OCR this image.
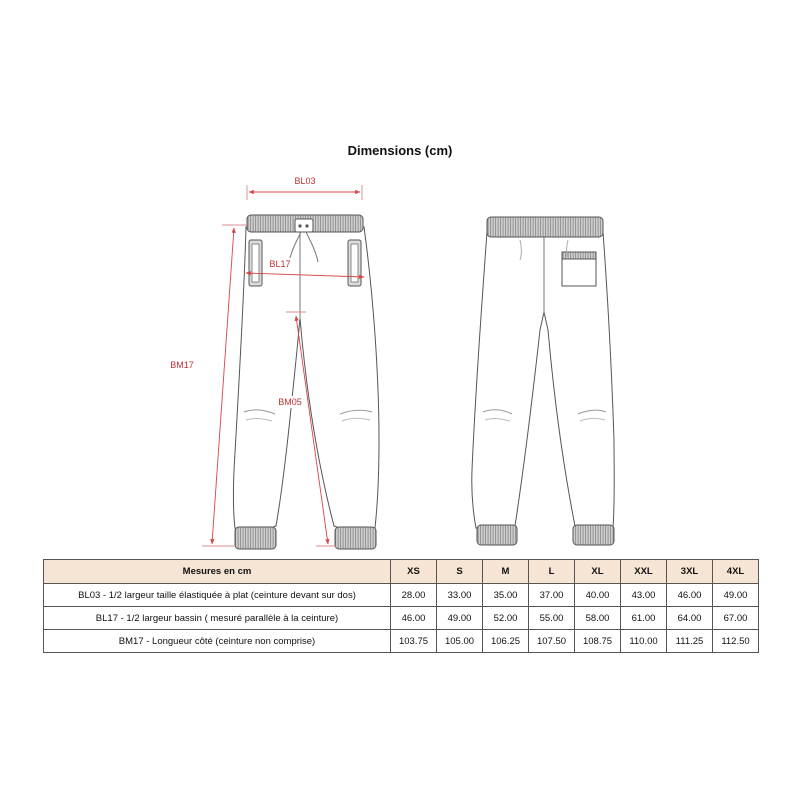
Dimensions (cm)
BL03
BL17
BM17
BM05
Mesures en cm	XS	S	M	L	XL	XXL	3XL	4XL
BL03 - 1/2 largeur taille élastiquée à plat (ceinture devant sur dos)	28.00	33.00	35.00	37.00	40.00	43.00	46.00	49.00
BL17 - 1/2 largeur bassin ( mesuré parallèle à la ceinture)	46.00	49.00	52.00	55.00	58.00	61.00	64.00	67.00
BM17 - Longueur côté (ceinture non comprise)	103.75	105.00	106.25	107.50	108.75	110.00	111.25	112.50
